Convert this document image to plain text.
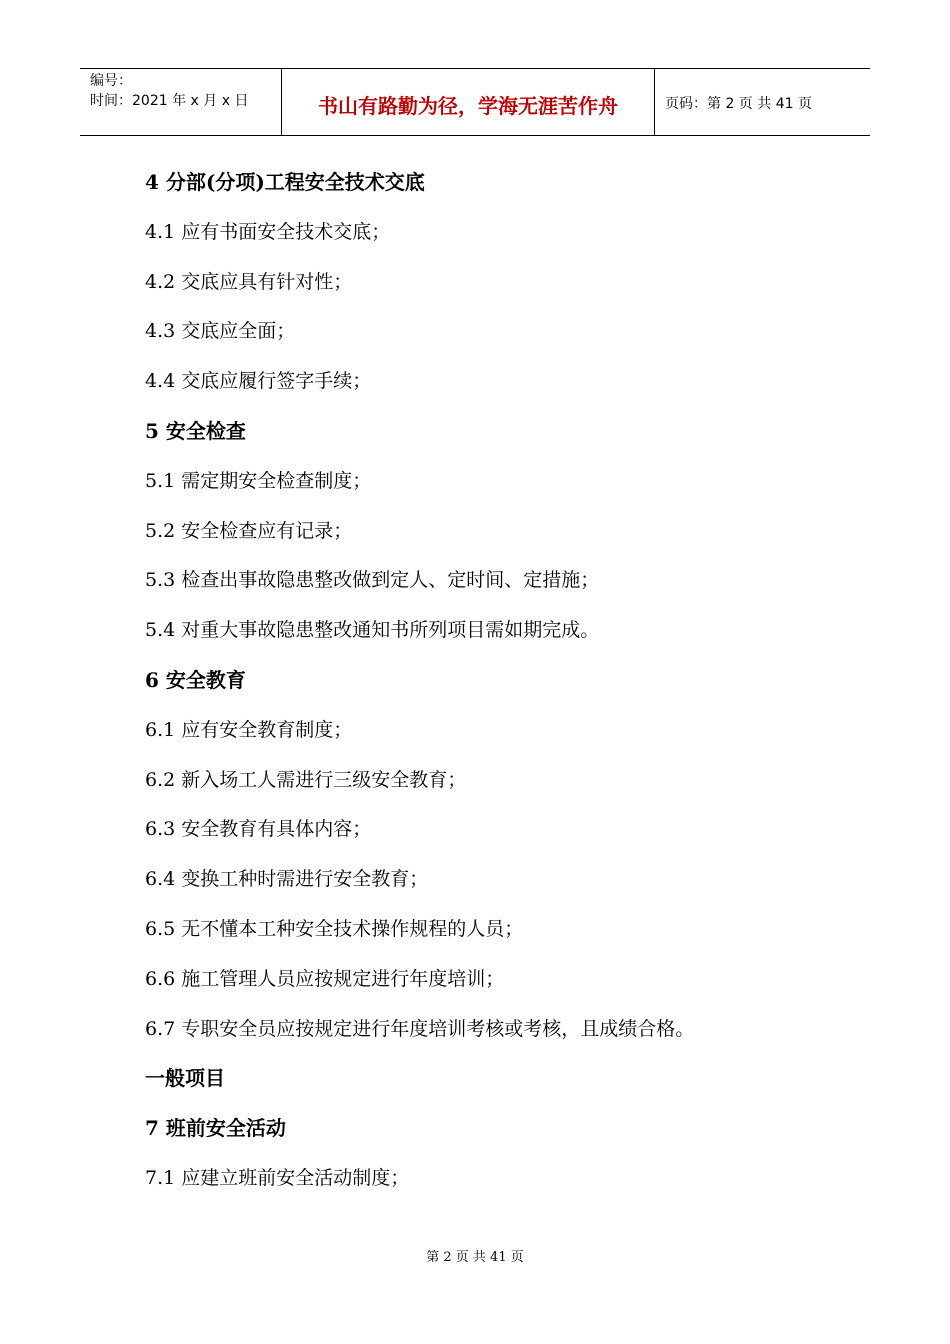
编号：
时间：2021 年 x 月 x 日	书山有路勤为径，学海无涯苦作舟	页码：第 2 页 共 41 页
4 分部(分项)工程安全技术交底
4.1 应有书面安全技术交底；
4.2 交底应具有针对性；
4.3 交底应全面；
4.4 交底应履行签字手续；
5 安全检查
5.1 需定期安全检查制度；
5.2 安全检查应有记录；
5.3 检查出事故隐患整改做到定人、定时间、定措施；
5.4 对重大事故隐患整改通知书所列项目需如期完成。
6 安全教育
6.1 应有安全教育制度；
6.2 新入场工人需进行三级安全教育；
6.3 安全教育有具体内容；
6.4 变换工种时需进行安全教育；
6.5 无不懂本工种安全技术操作规程的人员；
6.6 施工管理人员应按规定进行年度培训；
6.7 专职安全员应按规定进行年度培训考核或考核，且成绩合格。
一般项目
7 班前安全活动
7.1 应建立班前安全活动制度；
第 2 页 共 41 页
